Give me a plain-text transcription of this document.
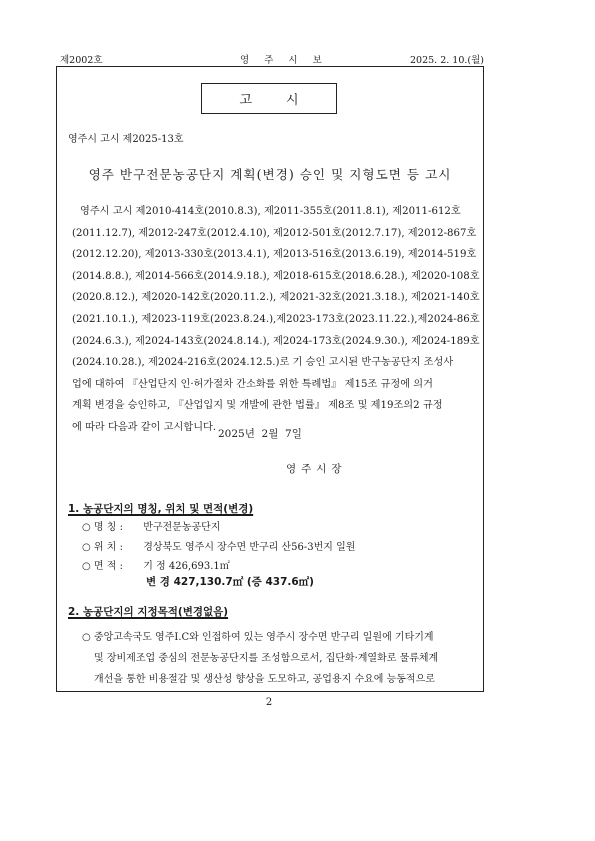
제2002호	영 주 시 보	2025. 2. 10.(월)
고시
영주시 고시 제2025-13호
영주 반구전문농공단지 계획(변경) 승인 및 지형도면 등 고시
영주시 고시 제2010-414호(2010.8.3), 제2011-355호(2011.8.1), 제2011-612호
(2011.12.7), 제2012-247호(2012.4.10), 제2012-501호(2012.7.17), 제2012-867호
(2012.12.20), 제2013-330호(2013.4.1), 제2013-516호(2013.6.19), 제2014-519호
(2014.8.8.), 제2014-566호(2014.9.18.), 제2018-615호(2018.6.28.), 제2020-108호
(2020.8.12.), 제2020-142호(2020.11.2.), 제2021-32호(2021.3.18.), 제2021-140호
(2021.10.1.), 제2023-119호(2023.8.24.),제2023-173호(2023.11.22.),제2024-86호
(2024.6.3.), 제2024-143호(2024.8.14.), 제2024-173호(2024.9.30.), 제2024-189호
(2024.10.28.), 제2024-216호(2024.12.5.)로 기 승인 고시된 반구농공단지 조성사
업에 대하여 『산업단지 인·허가절차 간소화를 위한 특례법』 제15조 규정에 의거
계획 변경을 승인하고, 『산업입지 및 개발에 관한 법률』 제8조 및 제19조의2 규정
에 따라 다음과 같이 고시합니다.
2025년  2월  7일
영주시장
1. 농공단지의 명칭, 위치 및 면적(변경)
○ 명 칭 : 반구전문농공단지
○ 위 치 : 경상북도 영주시 장수면 반구리 산56-3번지 일원
○ 면 적 : 기 정 426,693.1㎡
변 경 427,130.7㎡ (증 437.6㎡)
2. 농공단지의 지정목적(변경없음)
○ 중앙고속국도 영주I.C와 인접하여 있는 영주시 장수면 반구리 일원에 기타기계
및 장비제조업 중심의 전문농공단지를 조성함으로서, 집단화·계열화로 물류체계
개선을 통한 비용절감 및 생산성 향상을 도모하고, 공업용지 수요에 능동적으로
2
